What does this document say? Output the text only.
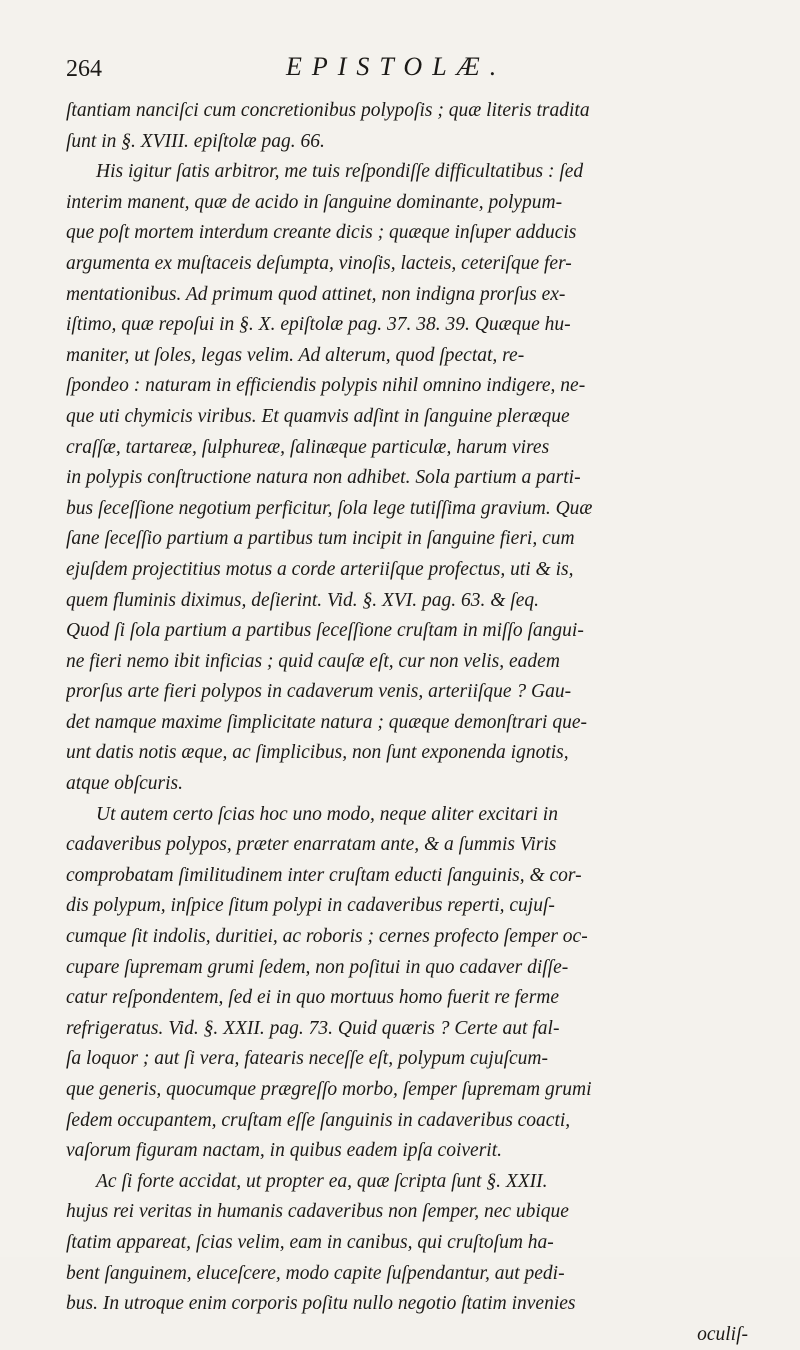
264	EPISTOLÆ.
ſtantiam nanciſci cum concretionibus polypoſis ; quæ literis tradita
ſunt in §. XVIII. epiſtolæ pag. 66.
His igitur ſatis arbitror, me tuis reſpondiſſe difficultatibus : ſed
interim manent, quæ de acido in ſanguine dominante, polypum-
que poſt mortem interdum creante dicis ; quæque inſuper adducis
argumenta ex muſtaceis deſumpta, vinoſis, lacteis, ceteriſque fer-
mentationibus. Ad primum quod attinet, non indigna prorſus ex-
iſtimo, quæ repoſui in §. X. epiſtolæ pag. 37. 38. 39. Quæque hu-
maniter, ut ſoles, legas velim. Ad alterum, quod ſpectat, re-
ſpondeo : naturam in efficiendis polypis nihil omnino indigere, ne-
que uti chymicis viribus. Et quamvis adſint in ſanguine pleræque
craſſæ, tartareæ, ſulphureæ, ſalinæque particulæ, harum vires
in polypis conſtructione natura non adhibet. Sola partium a parti-
bus ſeceſſione negotium perficitur, ſola lege tutiſſima gravium. Quæ
ſane ſeceſſio partium a partibus tum incipit in ſanguine fieri, cum
ejuſdem projectitius motus a corde arteriiſque profectus, uti & is,
quem fluminis diximus, deſierint. Vid. §. XVI. pag. 63. & ſeq.
Quod ſi ſola partium a partibus ſeceſſione cruſtam in miſſo ſangui-
ne fieri nemo ibit inficias ; quid cauſæ eſt, cur non velis, eadem
prorſus arte fieri polypos in cadaverum venis, arteriiſque ? Gau-
det namque maxime ſimplicitate natura ; quæque demonſtrari que-
unt datis notis æque, ac ſimplicibus, non ſunt exponenda ignotis,
atque obſcuris.
Ut autem certo ſcias hoc uno modo, neque aliter excitari in
cadaveribus polypos, præter enarratam ante, & a ſummis Viris
comprobatam ſimilitudinem inter cruſtam educti ſanguinis, & cor-
dis polypum, inſpice ſitum polypi in cadaveribus reperti, cujuſ-
cumque ſit indolis, duritiei, ac roboris ; cernes profecto ſemper oc-
cupare ſupremam grumi ſedem, non poſitui in quo cadaver diſſe-
catur reſpondentem, ſed ei in quo mortuus homo fuerit re ferme
refrigeratus. Vid. §. XXII. pag. 73. Quid quæris ? Certe aut fal-
ſa loquor ; aut ſi vera, fatearis neceſſe eſt, polypum cujuſcum-
que generis, quocumque prægreſſo morbo, ſemper ſupremam grumi
ſedem occupantem, cruſtam eſſe ſanguinis in cadaveribus coacti,
vaſorum figuram nactam, in quibus eadem ipſa coiverit.
Ac ſi forte accidat, ut propter ea, quæ ſcripta ſunt §. XXII.
hujus rei veritas in humanis cadaveribus non ſemper, nec ubique
ſtatim appareat, ſcias velim, eam in canibus, qui cruſtoſum ha-
bent ſanguinem, eluceſcere, modo capite ſuſpendantur, aut pedi-
bus. In utroque enim corporis poſitu nullo negotio ſtatim invenies
oculiſ-
